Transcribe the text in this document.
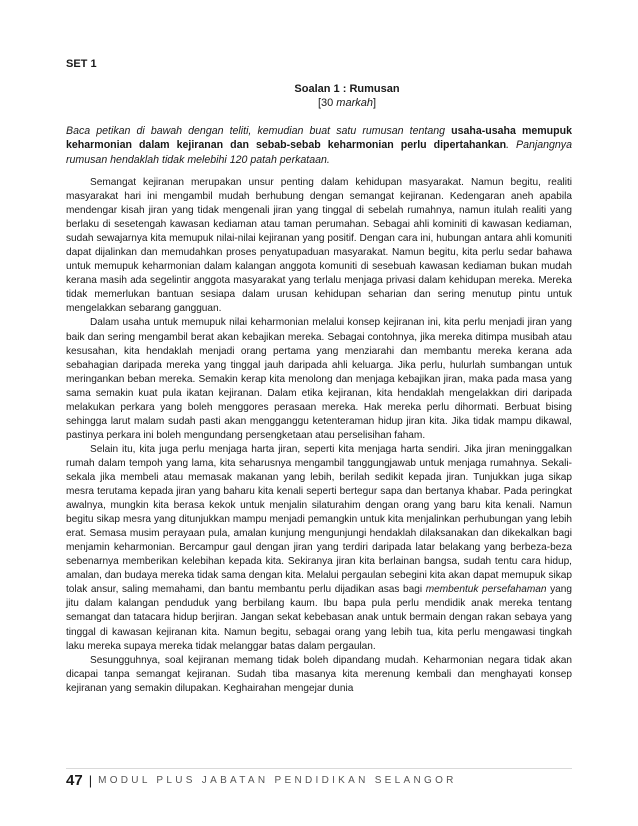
SET 1
Soalan 1 : Rumusan
[30 markah]
Baca petikan di bawah dengan teliti, kemudian buat satu rumusan tentang usaha-usaha memupuk keharmonian dalam kejiranan dan sebab-sebab keharmonian perlu dipertahankan. Panjangnya rumusan hendaklah tidak melebihi 120 patah perkataan.

Semangat kejiranan merupakan unsur penting dalam kehidupan masyarakat. Namun begitu, realiti masyarakat hari ini mengambil mudah berhubung dengan semangat kejiranan. Kedengaran aneh apabila mendengar kisah jiran yang tidak mengenali jiran yang tinggal di sebelah rumahnya, namun itulah realiti yang berlaku di sesetengah kawasan kediaman atau taman perumahan. Sebagai ahli kominiti di kawasan kediaman, sudah sewajarnya kita memupuk nilai-nilai kejiranan yang positif. Dengan cara ini, hubungan antara ahli komuniti dapat dijalinkan dan memudahkan proses penyatupaduan masyarakat. Namun begitu, kita perlu sedar bahawa untuk memupuk keharmonian dalam kalangan anggota komuniti di sesebuah kawasan kediaman bukan mudah kerana masih ada segelintir anggota masyarakat yang terlalu menjaga privasi dalam kehidupan mereka. Mereka tidak memerlukan bantuan sesiapa dalam urusan kehidupan seharian dan sering menutup pintu untuk mengelakkan sebarang gangguan.

Dalam usaha untuk memupuk nilai keharmonian melalui konsep kejiranan ini, kita perlu menjadi jiran yang baik dan sering mengambil berat akan kebajikan mereka. Sebagai contohnya, jika mereka ditimpa musibah atau kesusahan, kita hendaklah menjadi orang pertama yang menziarahi dan membantu mereka kerana ada sebahagian daripada mereka yang tinggal jauh daripada ahli keluarga. Jika perlu, hulurlah sumbangan untuk meringankan beban mereka. Semakin kerap kita menolong dan menjaga kebajikan jiran, maka pada masa yang sama semakin kuat pula ikatan kejiranan. Dalam etika kejiranan, kita hendaklah mengelakkan diri daripada melakukan perkara yang boleh menggores perasaan mereka. Hak mereka perlu dihormati. Berbuat bising sehingga larut malam sudah pasti akan mengganggu ketenteraman hidup jiran kita. Jika tidak mampu dikawal, pastinya perkara ini boleh mengundang persengketaan atau perselisihan faham.

Selain itu, kita juga perlu menjaga harta jiran, seperti kita menjaga harta sendiri. Jika jiran meninggalkan rumah dalam tempoh yang lama, kita seharusnya mengambil tanggungjawab untuk menjaga rumahnya. Sekali-sekala jika membeli atau memasak makanan yang lebih, berilah sedikit kepada jiran. Tunjukkan juga sikap mesra terutama kepada jiran yang baharu kita kenali seperti bertegur sapa dan bertanya khabar. Pada peringkat awalnya, mungkin kita berasa kekok untuk menjalin silaturahim dengan orang yang baru kita kenali. Namun begitu sikap mesra yang ditunjukkan mampu menjadi pemangkin untuk kita menjalinkan perhubungan yang lebih erat. Semasa musim perayaan pula, amalan kunjung mengunjungi hendaklah dilaksanakan dan dikekalkan bagi menjamin keharmonian. Bercampur gaul dengan jiran yang terdiri daripada latar belakang yang berbeza-beza sebenarnya memberikan kelebihan kepada kita. Sekiranya jiran kita berlainan bangsa, sudah tentu cara hidup, amalan, dan budaya mereka tidak sama dengan kita. Melalui pergaulan sebegini kita akan dapat memupuk sikap tolak ansur, saling memahami, dan bantu membantu perlu dijadikan asas bagi membentuk persefahaman yang jitu dalam kalangan penduduk yang berbilang kaum. Ibu bapa pula perlu mendidik anak mereka tentang semangat dan tatacara hidup berjiran. Jangan sekat kebebasan anak untuk bermain dengan rakan sebaya yang tinggal di kawasan kejiranan kita. Namun begitu, sebagai orang yang lebih tua, kita perlu mengawasi tingkah laku mereka supaya mereka tidak melanggar batas dalam pergaulan.

Sesungguhnya, soal kejiranan memang tidak boleh dipandang mudah. Keharmonian negara tidak akan dicapai tanpa semangat kejiranan. Sudah tiba masanya kita merenung kembali dan menghayati konsep kejiranan yang semakin dilupakan. Keghairahan mengejar dunia

47 | MODUL PLUS JABATAN PENDIDIKAN SELANGOR
